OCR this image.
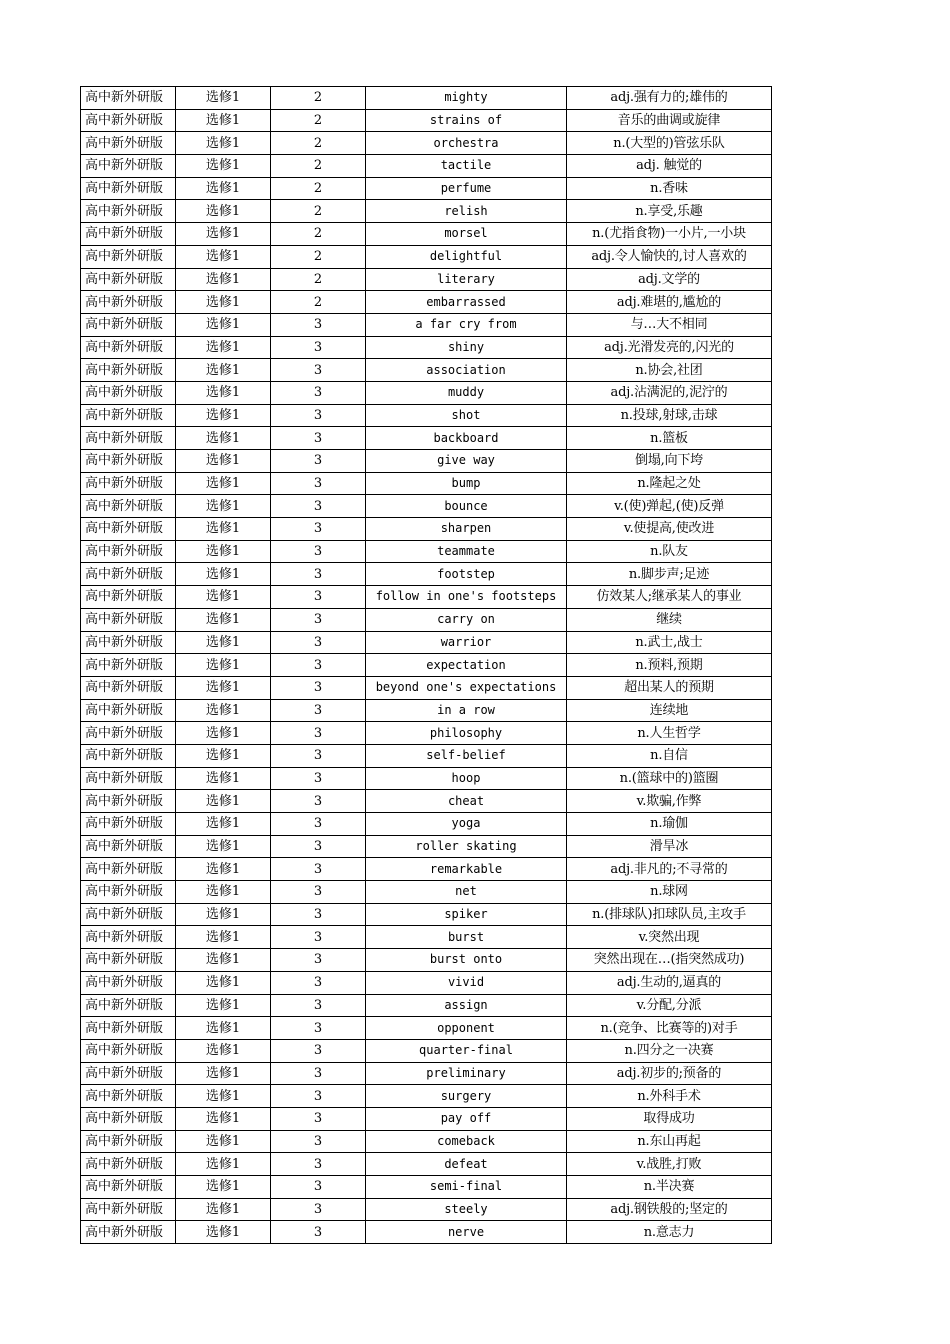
高中新外研版	选修1	2	mighty	adj.强有力的;雄伟的
高中新外研版	选修1	2	strains of	音乐的曲调或旋律
高中新外研版	选修1	2	orchestra	n.(大型的)管弦乐队
高中新外研版	选修1	2	tactile	adj. 触觉的
高中新外研版	选修1	2	perfume	n.香味
高中新外研版	选修1	2	relish	n.享受,乐趣
高中新外研版	选修1	2	morsel	n.(尤指食物)一小片,一小块
高中新外研版	选修1	2	delightful	adj.令人愉快的,讨人喜欢的
高中新外研版	选修1	2	literary	adj.文学的
高中新外研版	选修1	2	embarrassed	adj.难堪的,尴尬的
高中新外研版	选修1	3	a far cry from	与…大不相同
高中新外研版	选修1	3	shiny	adj.光滑发亮的,闪光的
高中新外研版	选修1	3	association	n.协会,社团
高中新外研版	选修1	3	muddy	adj.沾满泥的,泥泞的
高中新外研版	选修1	3	shot	n.投球,射球,击球
高中新外研版	选修1	3	backboard	n.篮板
高中新外研版	选修1	3	give way	倒塌,向下垮
高中新外研版	选修1	3	bump	n.隆起之处
高中新外研版	选修1	3	bounce	v.(使)弹起,(使)反弹
高中新外研版	选修1	3	sharpen	v.使提高,使改进
高中新外研版	选修1	3	teammate	n.队友
高中新外研版	选修1	3	footstep	n.脚步声;足迹
高中新外研版	选修1	3	follow in one's footsteps	仿效某人;继承某人的事业
高中新外研版	选修1	3	carry on	继续
高中新外研版	选修1	3	warrior	n.武士,战士
高中新外研版	选修1	3	expectation	n.预料,预期
高中新外研版	选修1	3	beyond one's expectations	超出某人的预期
高中新外研版	选修1	3	in a row	连续地
高中新外研版	选修1	3	philosophy	n.人生哲学
高中新外研版	选修1	3	self-belief	n.自信
高中新外研版	选修1	3	hoop	n.(篮球中的)篮圈
高中新外研版	选修1	3	cheat	v.欺骗,作弊
高中新外研版	选修1	3	yoga	n.瑜伽
高中新外研版	选修1	3	roller skating	滑旱冰
高中新外研版	选修1	3	remarkable	adj.非凡的;不寻常的
高中新外研版	选修1	3	net	n.球网
高中新外研版	选修1	3	spiker	n.(排球队)扣球队员,主攻手
高中新外研版	选修1	3	burst	v.突然出现
高中新外研版	选修1	3	burst onto	突然出现在…(指突然成功)
高中新外研版	选修1	3	vivid	adj.生动的,逼真的
高中新外研版	选修1	3	assign	v.分配,分派
高中新外研版	选修1	3	opponent	n.(竞争、比赛等的)对手
高中新外研版	选修1	3	quarter-final	n.四分之一决赛
高中新外研版	选修1	3	preliminary	adj.初步的;预备的
高中新外研版	选修1	3	surgery	n.外科手术
高中新外研版	选修1	3	pay off	取得成功
高中新外研版	选修1	3	comeback	n.东山再起
高中新外研版	选修1	3	defeat	v.战胜,打败
高中新外研版	选修1	3	semi-final	n.半决赛
高中新外研版	选修1	3	steely	adj.钢铁般的;坚定的
高中新外研版	选修1	3	nerve	n.意志力
